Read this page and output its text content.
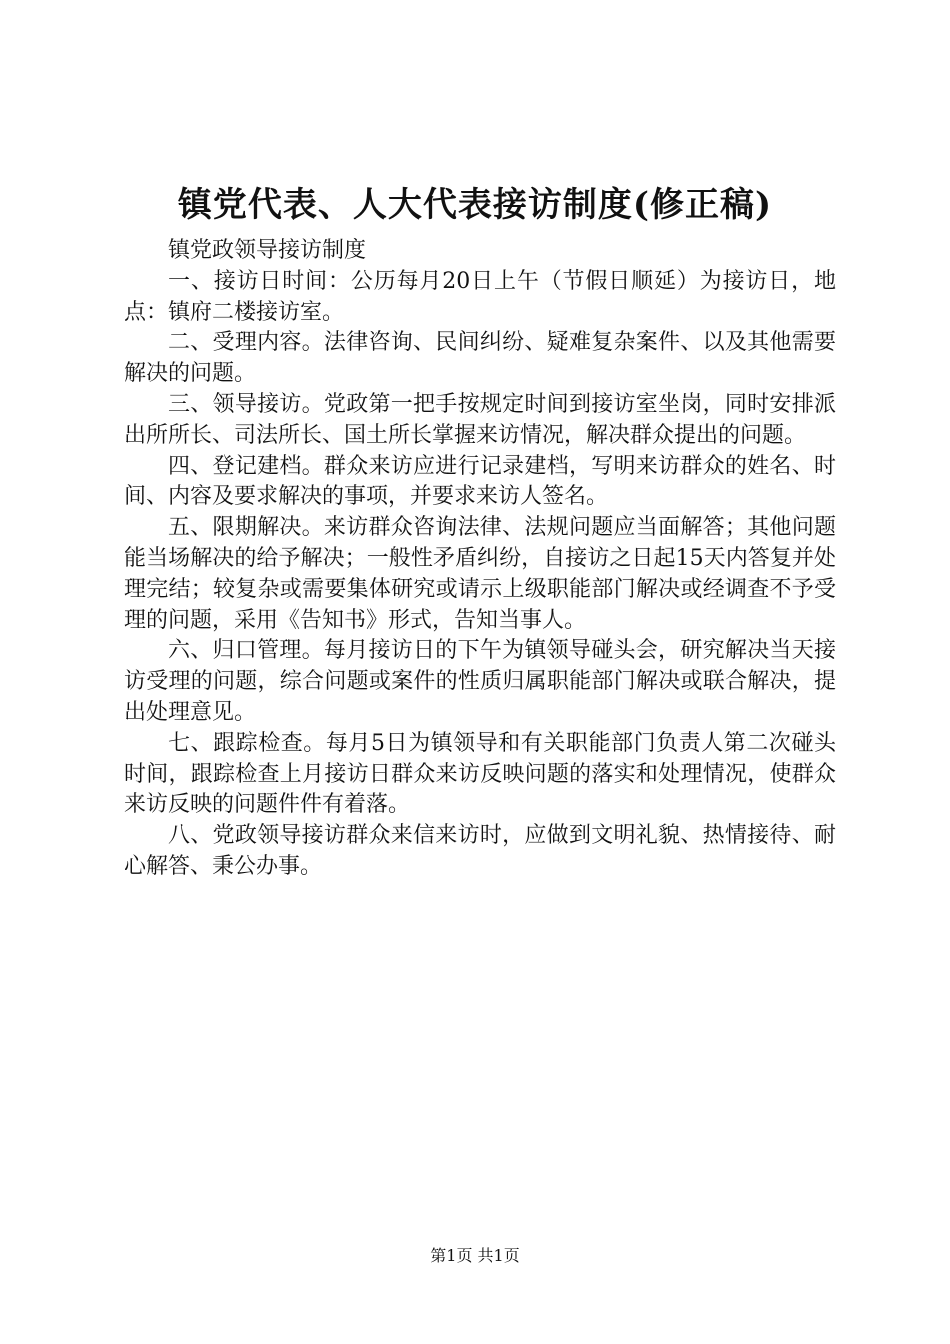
镇党代表、人大代表接访制度(修正稿)

镇党政领导接访制度

一、接访日时间：公历每月20日上午（节假日顺延）为接访日，地点：镇府二楼接访室。

二、受理内容。法律咨询、民间纠纷、疑难复杂案件、以及其他需要解决的问题。

三、领导接访。党政第一把手按规定时间到接访室坐岗，同时安排派出所所长、司法所长、国土所长掌握来访情况，解决群众提出的问题。

四、登记建档。群众来访应进行记录建档，写明来访群众的姓名、时间、内容及要求解决的事项，并要求来访人签名。

五、限期解决。来访群众咨询法律、法规问题应当面解答；其他问题能当场解决的给予解决；一般性矛盾纠纷，自接访之日起15天内答复并处理完结；较复杂或需要集体研究或请示上级职能部门解决或经调查不予受理的问题，采用《告知书》形式，告知当事人。

六、归口管理。每月接访日的下午为镇领导碰头会，研究解决当天接访受理的问题，综合问题或案件的性质归属职能部门解决或联合解决，提出处理意见。

七、跟踪检查。每月5日为镇领导和有关职能部门负责人第二次碰头时间，跟踪检查上月接访日群众来访反映问题的落实和处理情况，使群众来访反映的问题件件有着落。

八、党政领导接访群众来信来访时，应做到文明礼貌、热情接待、耐心解答、秉公办事。

第1页 共1页
